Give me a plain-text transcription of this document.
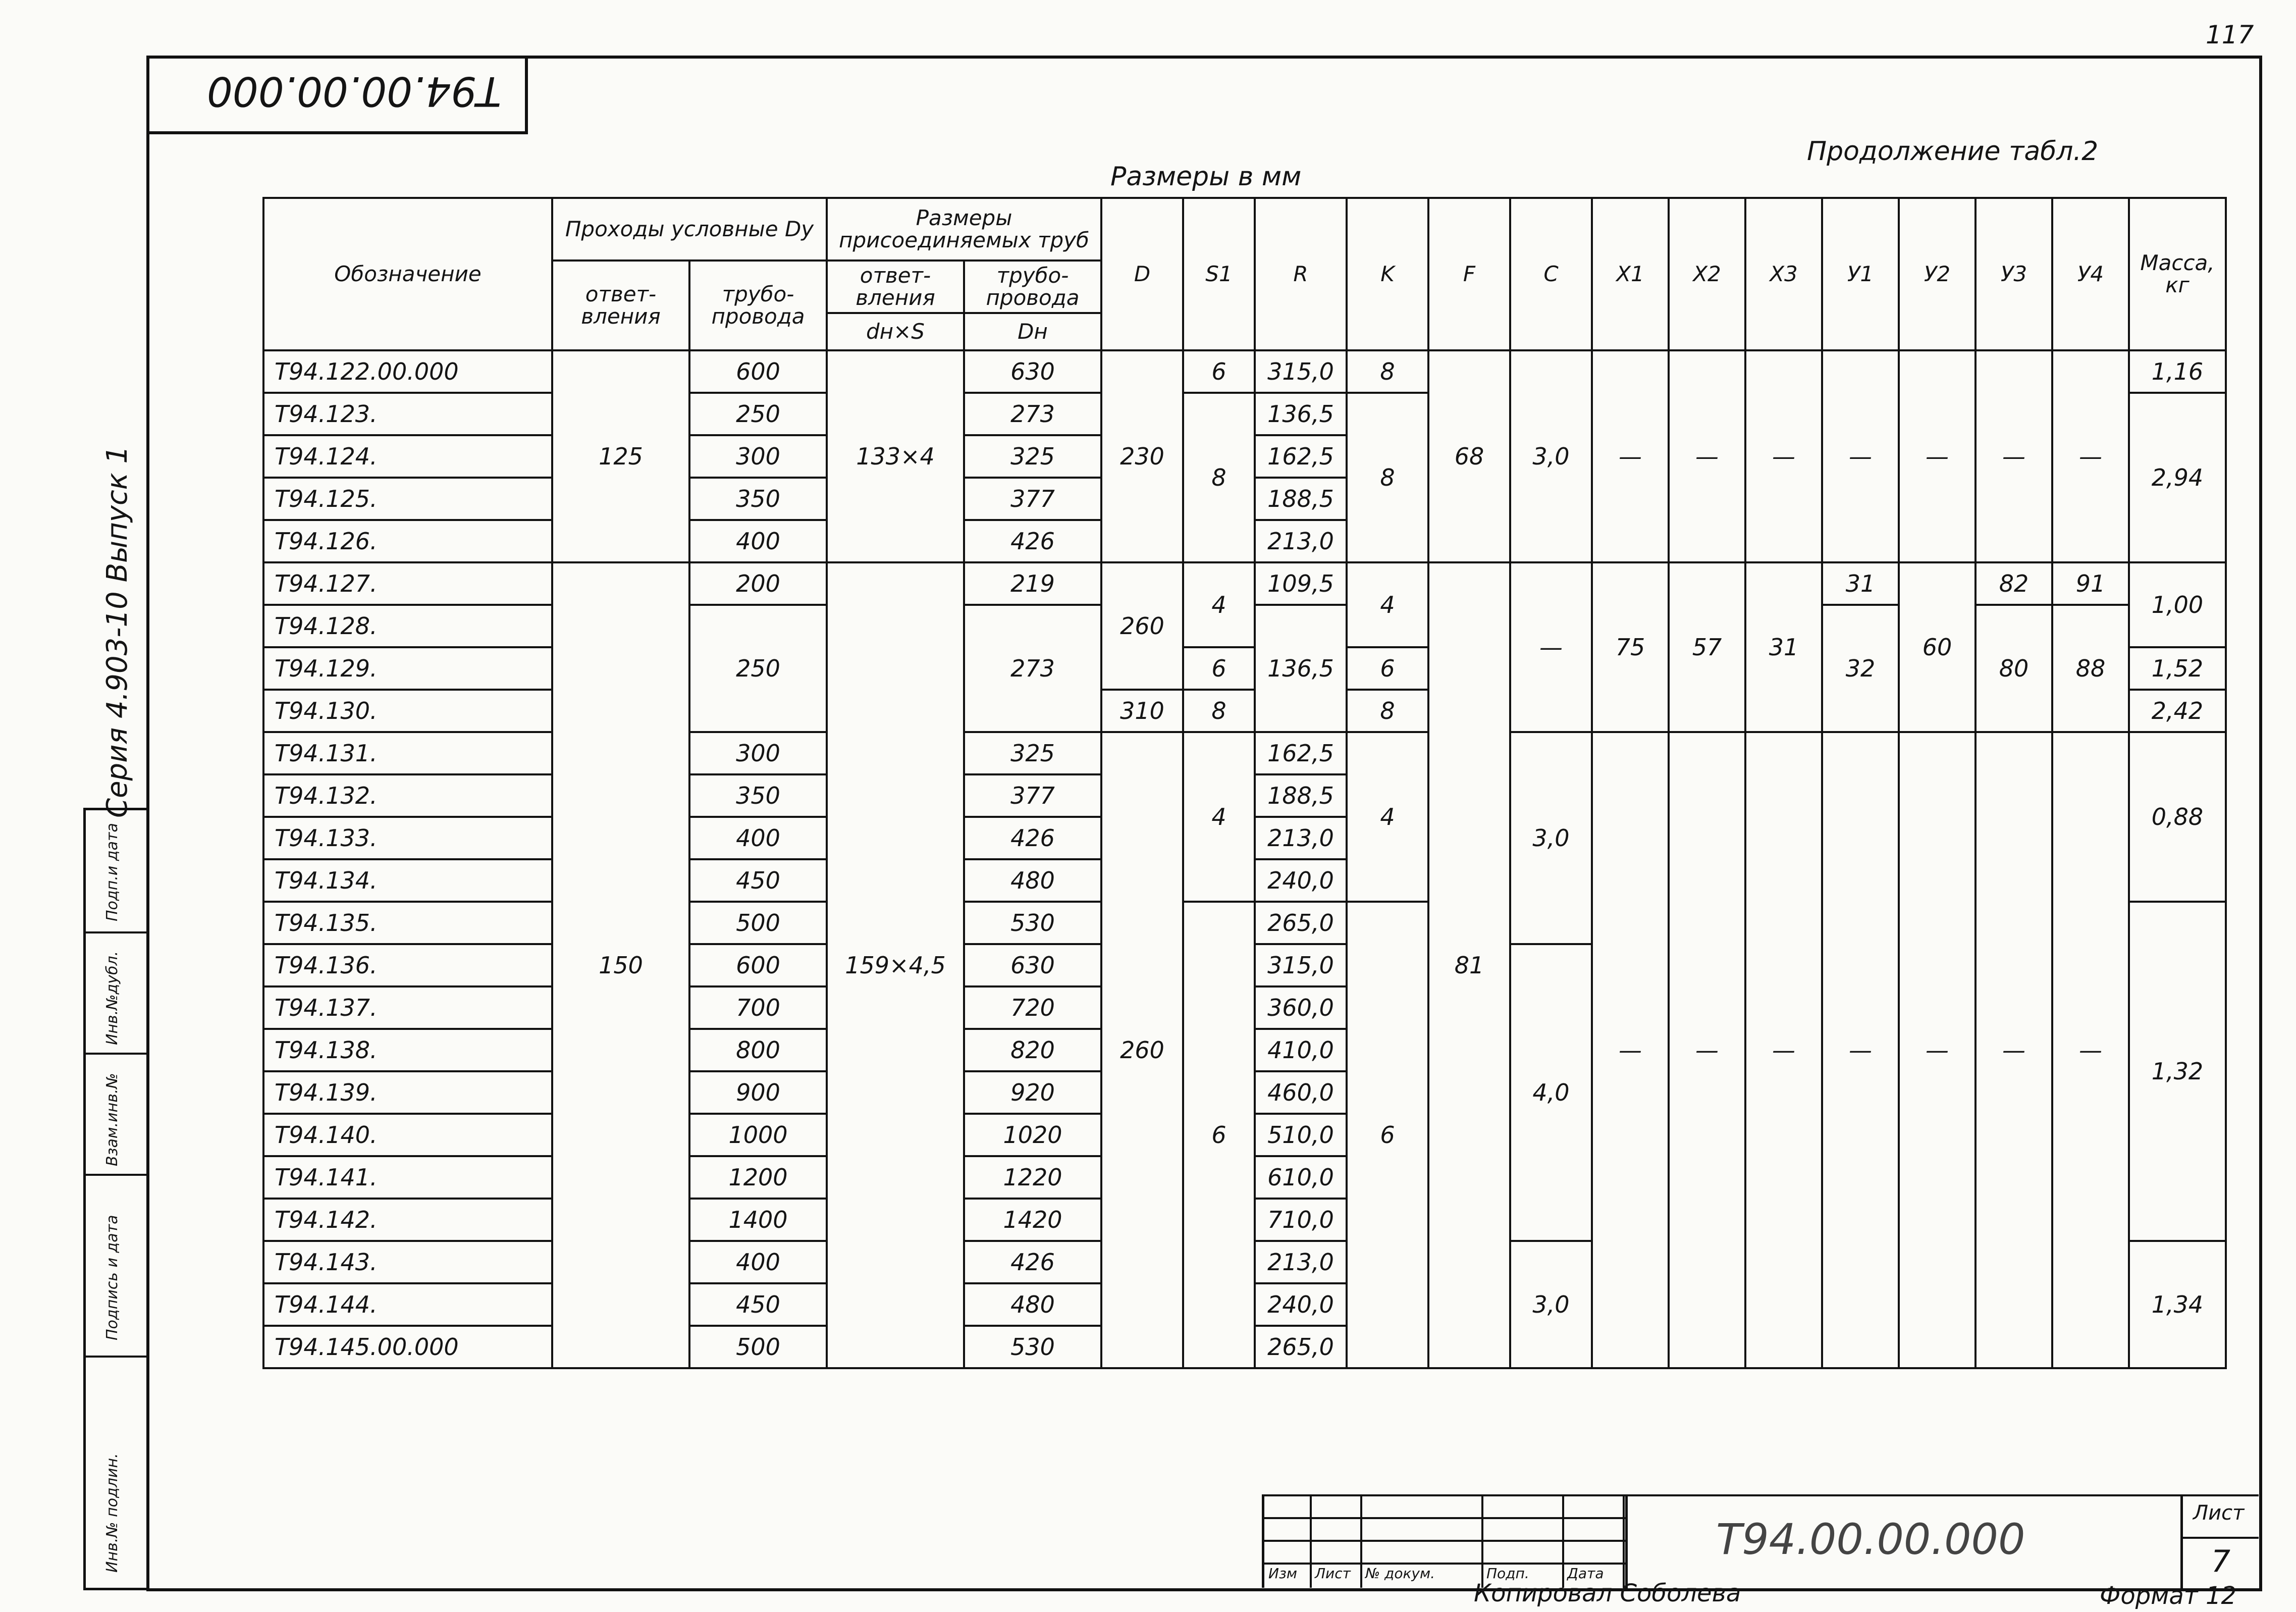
Т94.00.00.000
117
Серия 4.903-10 Выпуск 1
Подп.и дата
Инв.№дубл.
Взам.инв.№
Подпись и дата
Инв.№ подлин.
Размеры в мм
Продолжение табл.2
Обозначение	Проходы условные Dy		Размеры присоединяемых труб		D	S1	R	K	F	C	X1	X2	X3	У1	У2	У3	У4	Масса, кг
	ответ-вления	трубо-провода	ответ-вления	трубо-провода														
			dн×S	Dн														
Т94.122.00.000	125	600	133×4	630	230	6	315,0	8	68	3,0	—	—	—	—	—	—	—	1,16
Т94.123.		250		273		8	136,5	8										2,94
Т94.124.		300		325			162,5											
Т94.125.		350		377			188,5											
Т94.126.		400		426			213,0											
Т94.127.	150	200	159×4,5	219	260	4	109,5	4	81	—	75	57	31	31	60	82	91	1,00
Т94.128.		250		273			136,5							32		80	88	
Т94.129.						6		6										1,52
Т94.130.					310	8		8										2,42
Т94.131.		300		325	260	4	162,5	4		3,0	—	—	—	—	—	—	—	0,88
Т94.132.		350		377			188,5											
Т94.133.		400		426			213,0											
Т94.134.		450		480			240,0											
Т94.135.		500		530		6	265,0	6										1,32
Т94.136.		600		630			315,0			4,0								
Т94.137.		700		720			360,0											
Т94.138.		800		820			410,0											
Т94.139.		900		920			460,0											
Т94.140.		1000		1020			510,0											
Т94.141.		1200		1220			610,0											
Т94.142.		1400		1420			710,0											
Т94.143.		400		426			213,0			3,0								1,34
Т94.144.		450		480			240,0											
Т94.145.00.000		500		530			265,0											
Изм Лист № докум.	Подп.	Дата
Т94.00.00.000
Лист
7
Копировал Соболева	Формат 12
